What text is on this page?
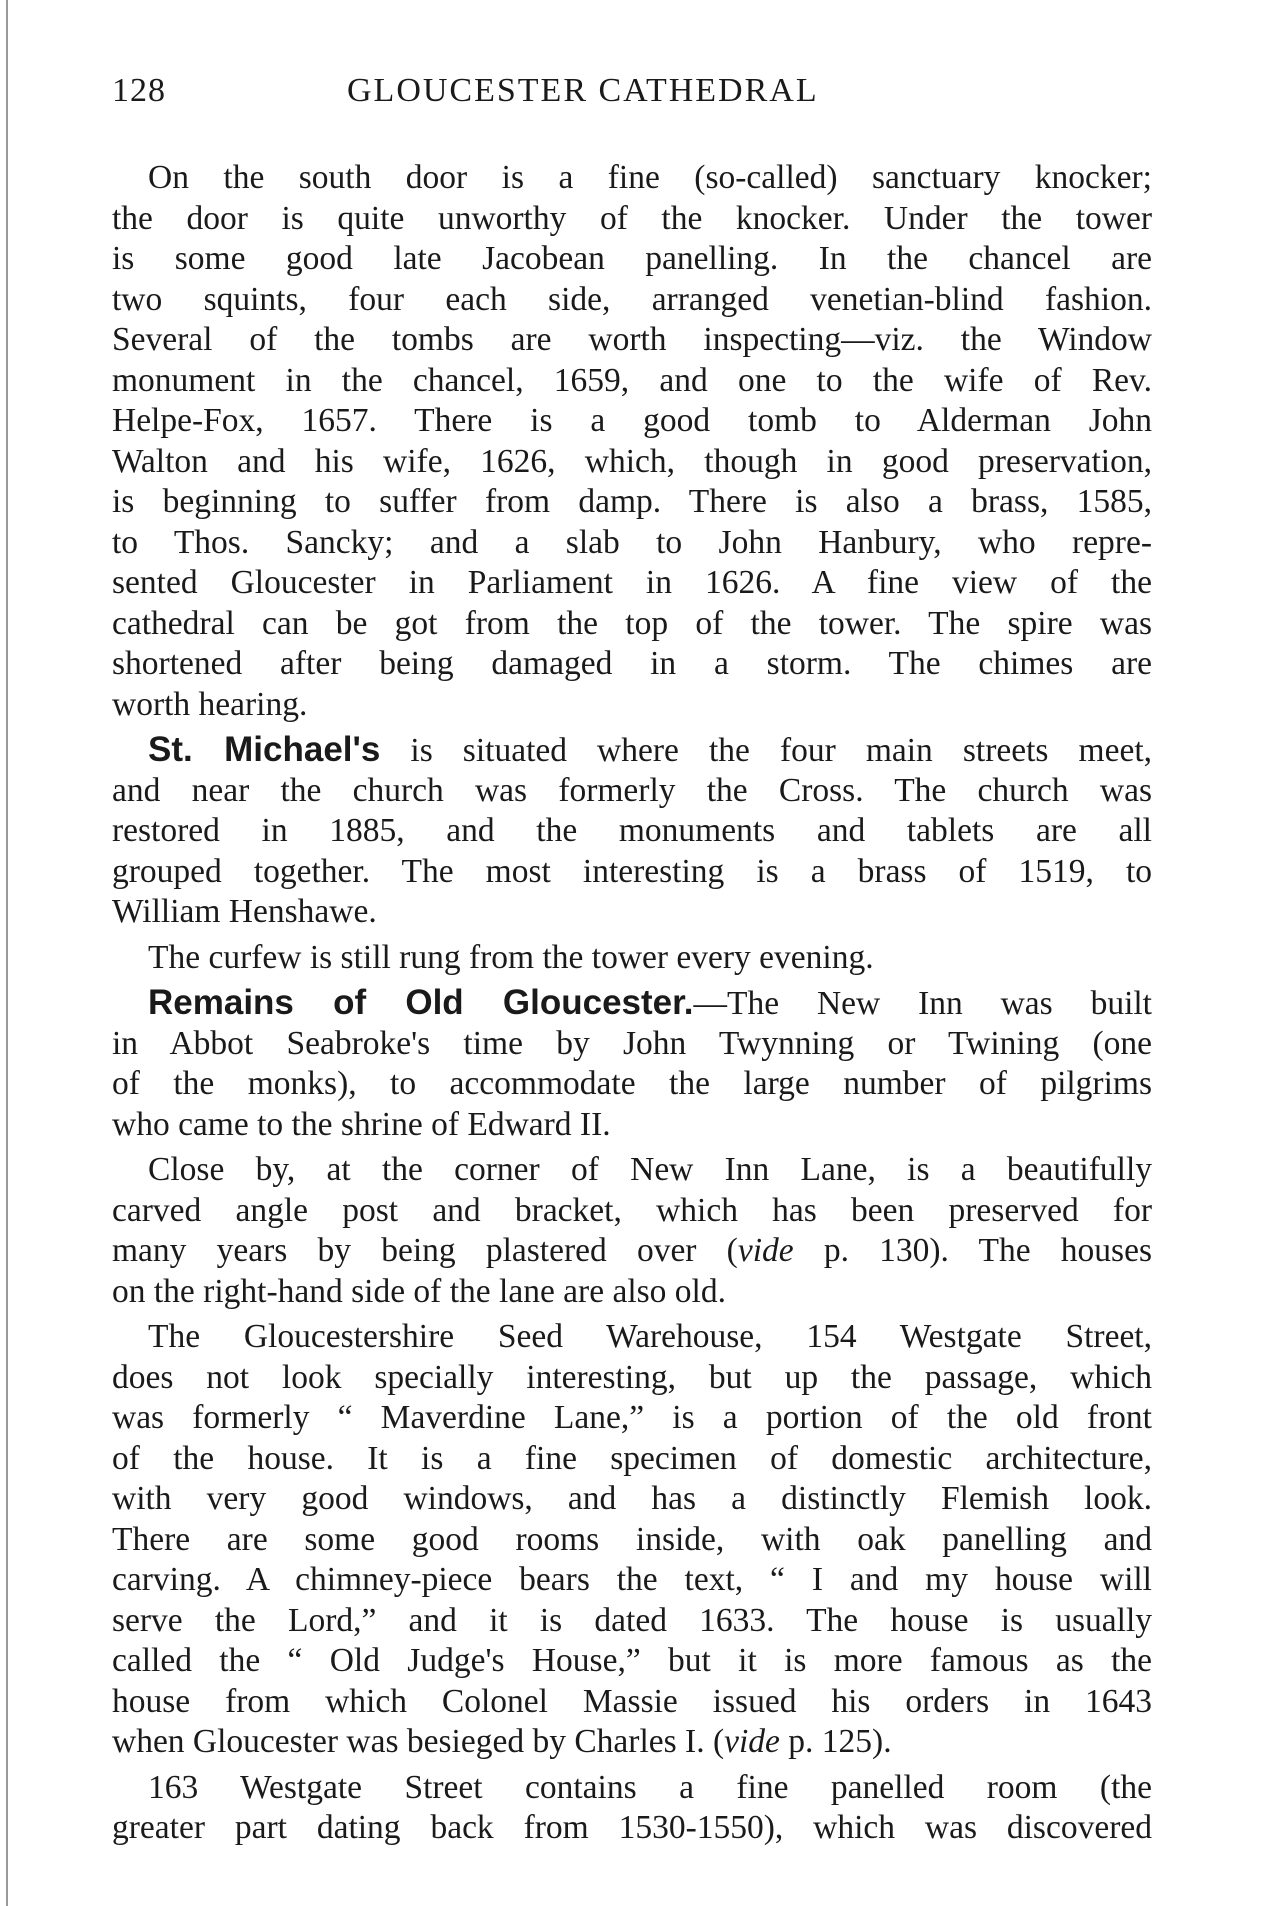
128	GLOUCESTER CATHEDRAL
On the south door is a fine (so-called) sanctuary knocker;
the door is quite unworthy of the knocker. Under the tower
is some good late Jacobean panelling. In the chancel are
two squints, four each side, arranged venetian-blind fashion.
Several of the tombs are worth inspecting—viz. the Window
monument in the chancel, 1659, and one to the wife of Rev.
Helpe-Fox, 1657. There is a good tomb to Alderman John
Walton and his wife, 1626, which, though in good preservation,
is beginning to suffer from damp. There is also a brass, 1585,
to Thos. Sancky; and a slab to John Hanbury, who repre-
sented Gloucester in Parliament in 1626. A fine view of the
cathedral can be got from the top of the tower. The spire was
shortened after being damaged in a storm. The chimes are
worth hearing.
St. Michael's is situated where the four main streets meet,
and near the church was formerly the Cross. The church was
restored in 1885, and the monuments and tablets are all
grouped together. The most interesting is a brass of 1519, to
William Henshawe.
The curfew is still rung from the tower every evening.
Remains of Old Gloucester.—The New Inn was built
in Abbot Seabroke's time by John Twynning or Twining (one
of the monks), to accommodate the large number of pilgrims
who came to the shrine of Edward II.
Close by, at the corner of New Inn Lane, is a beautifully
carved angle post and bracket, which has been preserved for
many years by being plastered over (vide p. 130). The houses
on the right-hand side of the lane are also old.
The Gloucestershire Seed Warehouse, 154 Westgate Street,
does not look specially interesting, but up the passage, which
was formerly “ Maverdine Lane,” is a portion of the old front
of the house. It is a fine specimen of domestic architecture,
with very good windows, and has a distinctly Flemish look.
There are some good rooms inside, with oak panelling and
carving. A chimney-piece bears the text, “ I and my house will
serve the Lord,” and it is dated 1633. The house is usually
called the “ Old Judge's House,” but it is more famous as the
house from which Colonel Massie issued his orders in 1643
when Gloucester was besieged by Charles I. (vide p. 125).
163 Westgate Street contains a fine panelled room (the
greater part dating back from 1530-1550), which was discovered
